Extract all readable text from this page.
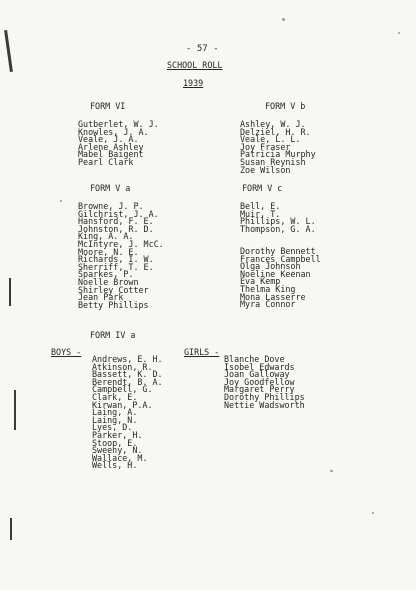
- 57 -
SCHOOL ROLL
1939
FORM VI
Gutberlet, W. J.
Knowles, J. A.
Veale, J. A.
Arlene Ashley
Mabel Baigent
Pearl Clark
FORM V b
Ashley, W. J.
Delziel, H. R.
Veale, L. L.
Joy Fraser
Patricia Murphy
Susan Reynish
Zoe Wilson
FORM V a
Browne, J. P.
Gilchrist, J. A.
Hansford, F. E.
Johnston, R. D.
King, A. A.
McIntyre, J. McC.
Moore, N. E.
Richards, I. W.
Sherriff, T. E.
Sparkes, P.
Noelle Brown
Shirley Cotter
Jean Park
Betty Phillips
FORM V c
Bell, E.
Muir, T.
Phillips, W. L.
Thompson, G. A.
Dorothy Bennett
Frances Campbell
Olga Johnson
Noeline Keenan
Eva Kemp
Thelma King
Mona Lasserre
Myra Connor
FORM IV a
BOYS -	GIRLS -
Andrews, E. H.
Atkinson, R.
Bassett, K. D.
Berendt, B. A.
Campbell, G.
Clark, E.
Kirwan, P.A.
Laing, A.
Laing, N.
Lyes, D.
Parker, H.
Stoop, E.
Sweeny, N.
Wallace, M.
Wells, H.
Blanche Dove
Isobel Edwards
Joan Galloway
Joy Goodfellow
Margaret Perry
Dorothy Phillips
Nettie Wadsworth
